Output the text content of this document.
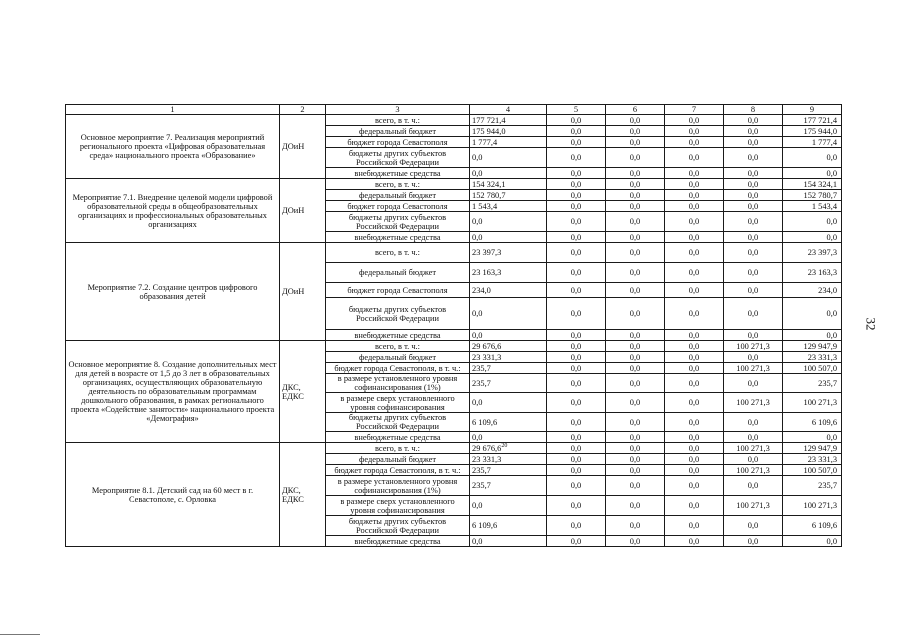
32
1	2	3	4	5	6	7	8	9
Основное мероприятие 7. Реализация мероприятий регионального проекта «Цифровая образовательная среда» национального проекта «Образование»	ДОиН	всего, в т. ч.:	177 721,4	0,0	0,0	0,0	0,0	177 721,4
		федеральный бюджет	175 944,0	0,0	0,0	0,0	0,0	175 944,0
		бюджет города Севастополя	1 777,4	0,0	0,0	0,0	0,0	1 777,4
		бюджеты других субъектов Российской Федерации	0,0	0,0	0,0	0,0	0,0	0,0
		внебюджетные средства	0,0	0,0	0,0	0,0	0,0	0,0
Мероприятие 7.1. Внедрение целевой модели цифровой образовательной среды в общеобразовательных организациях и профессиональных образовательных организациях	ДОиН	всего, в т. ч.:	154 324,1	0,0	0,0	0,0	0,0	154 324,1
		федеральный бюджет	152 780,7	0,0	0,0	0,0	0,0	152 780,7
		бюджет города Севастополя	1 543,4	0,0	0,0	0,0	0,0	1 543,4
		бюджеты других субъектов Российской Федерации	0,0	0,0	0,0	0,0	0,0	0,0
		внебюджетные средства	0,0	0,0	0,0	0,0	0,0	0,0
Мероприятие 7.2. Создание центров цифрового образования детей	ДОиН	всего, в т. ч.:	23 397,3	0,0	0,0	0,0	0,0	23 397,3
		федеральный бюджет	23 163,3	0,0	0,0	0,0	0,0	23 163,3
		бюджет города Севастополя	234,0	0,0	0,0	0,0	0,0	234,0
		бюджеты других субъектов Российской Федерации	0,0	0,0	0,0	0,0	0,0	0,0
		внебюджетные средства	0,0	0,0	0,0	0,0	0,0	0,0
Основное мероприятие 8. Создание дополнительных мест для детей в возрасте от 1,5 до 3 лет в образовательных организациях, осуществляющих образовательную деятельность по образовательным программам дошкольного образования, в рамках регионального проекта «Содействие занятости» национального проекта «Демография»	ДКС, ЕДКС	всего, в т. ч.:	29 676,6	0,0	0,0	0,0	100 271,3	129 947,9
		федеральный бюджет	23 331,3	0,0	0,0	0,0	0,0	23 331,3
		бюджет города Севастополя, в т. ч.:	235,7	0,0	0,0	0,0	100 271,3	100 507,0
		в размере установленного уровня софинансирования (1%)	235,7	0,0	0,0	0,0	0,0	235,7
		в размере сверх установленного уровня софинансирования	0,0	0,0	0,0	0,0	100 271,3	100 271,3
		бюджеты других субъектов Российской Федерации	6 109,6	0,0	0,0	0,0	0,0	6 109,6
		внебюджетные средства	0,0	0,0	0,0	0,0	0,0	0,0
Мероприятие 8.1. Детский сад на 60 мест в г. Севастополе, с. Орловка	ДКС, ЕДКС	всего, в т. ч.:	29 676,6$^{20}$	0,0	0,0	0,0	100 271,3	129 947,9
		федеральный бюджет	23 331,3	0,0	0,0	0,0	0,0	23 331,3
		бюджет города Севастополя, в т. ч.:	235,7	0,0	0,0	0,0	100 271,3	100 507,0
		в размере установленного уровня софинансирования (1%)	235,7	0,0	0,0	0,0	0,0	235,7
		в размере сверх установленного уровня софинансирования	0,0	0,0	0,0	0,0	100 271,3	100 271,3
		бюджеты других субъектов Российской Федерации	6 109,6	0,0	0,0	0,0	0,0	6 109,6
		внебюджетные средства	0,0	0,0	0,0	0,0	0,0	0,0
